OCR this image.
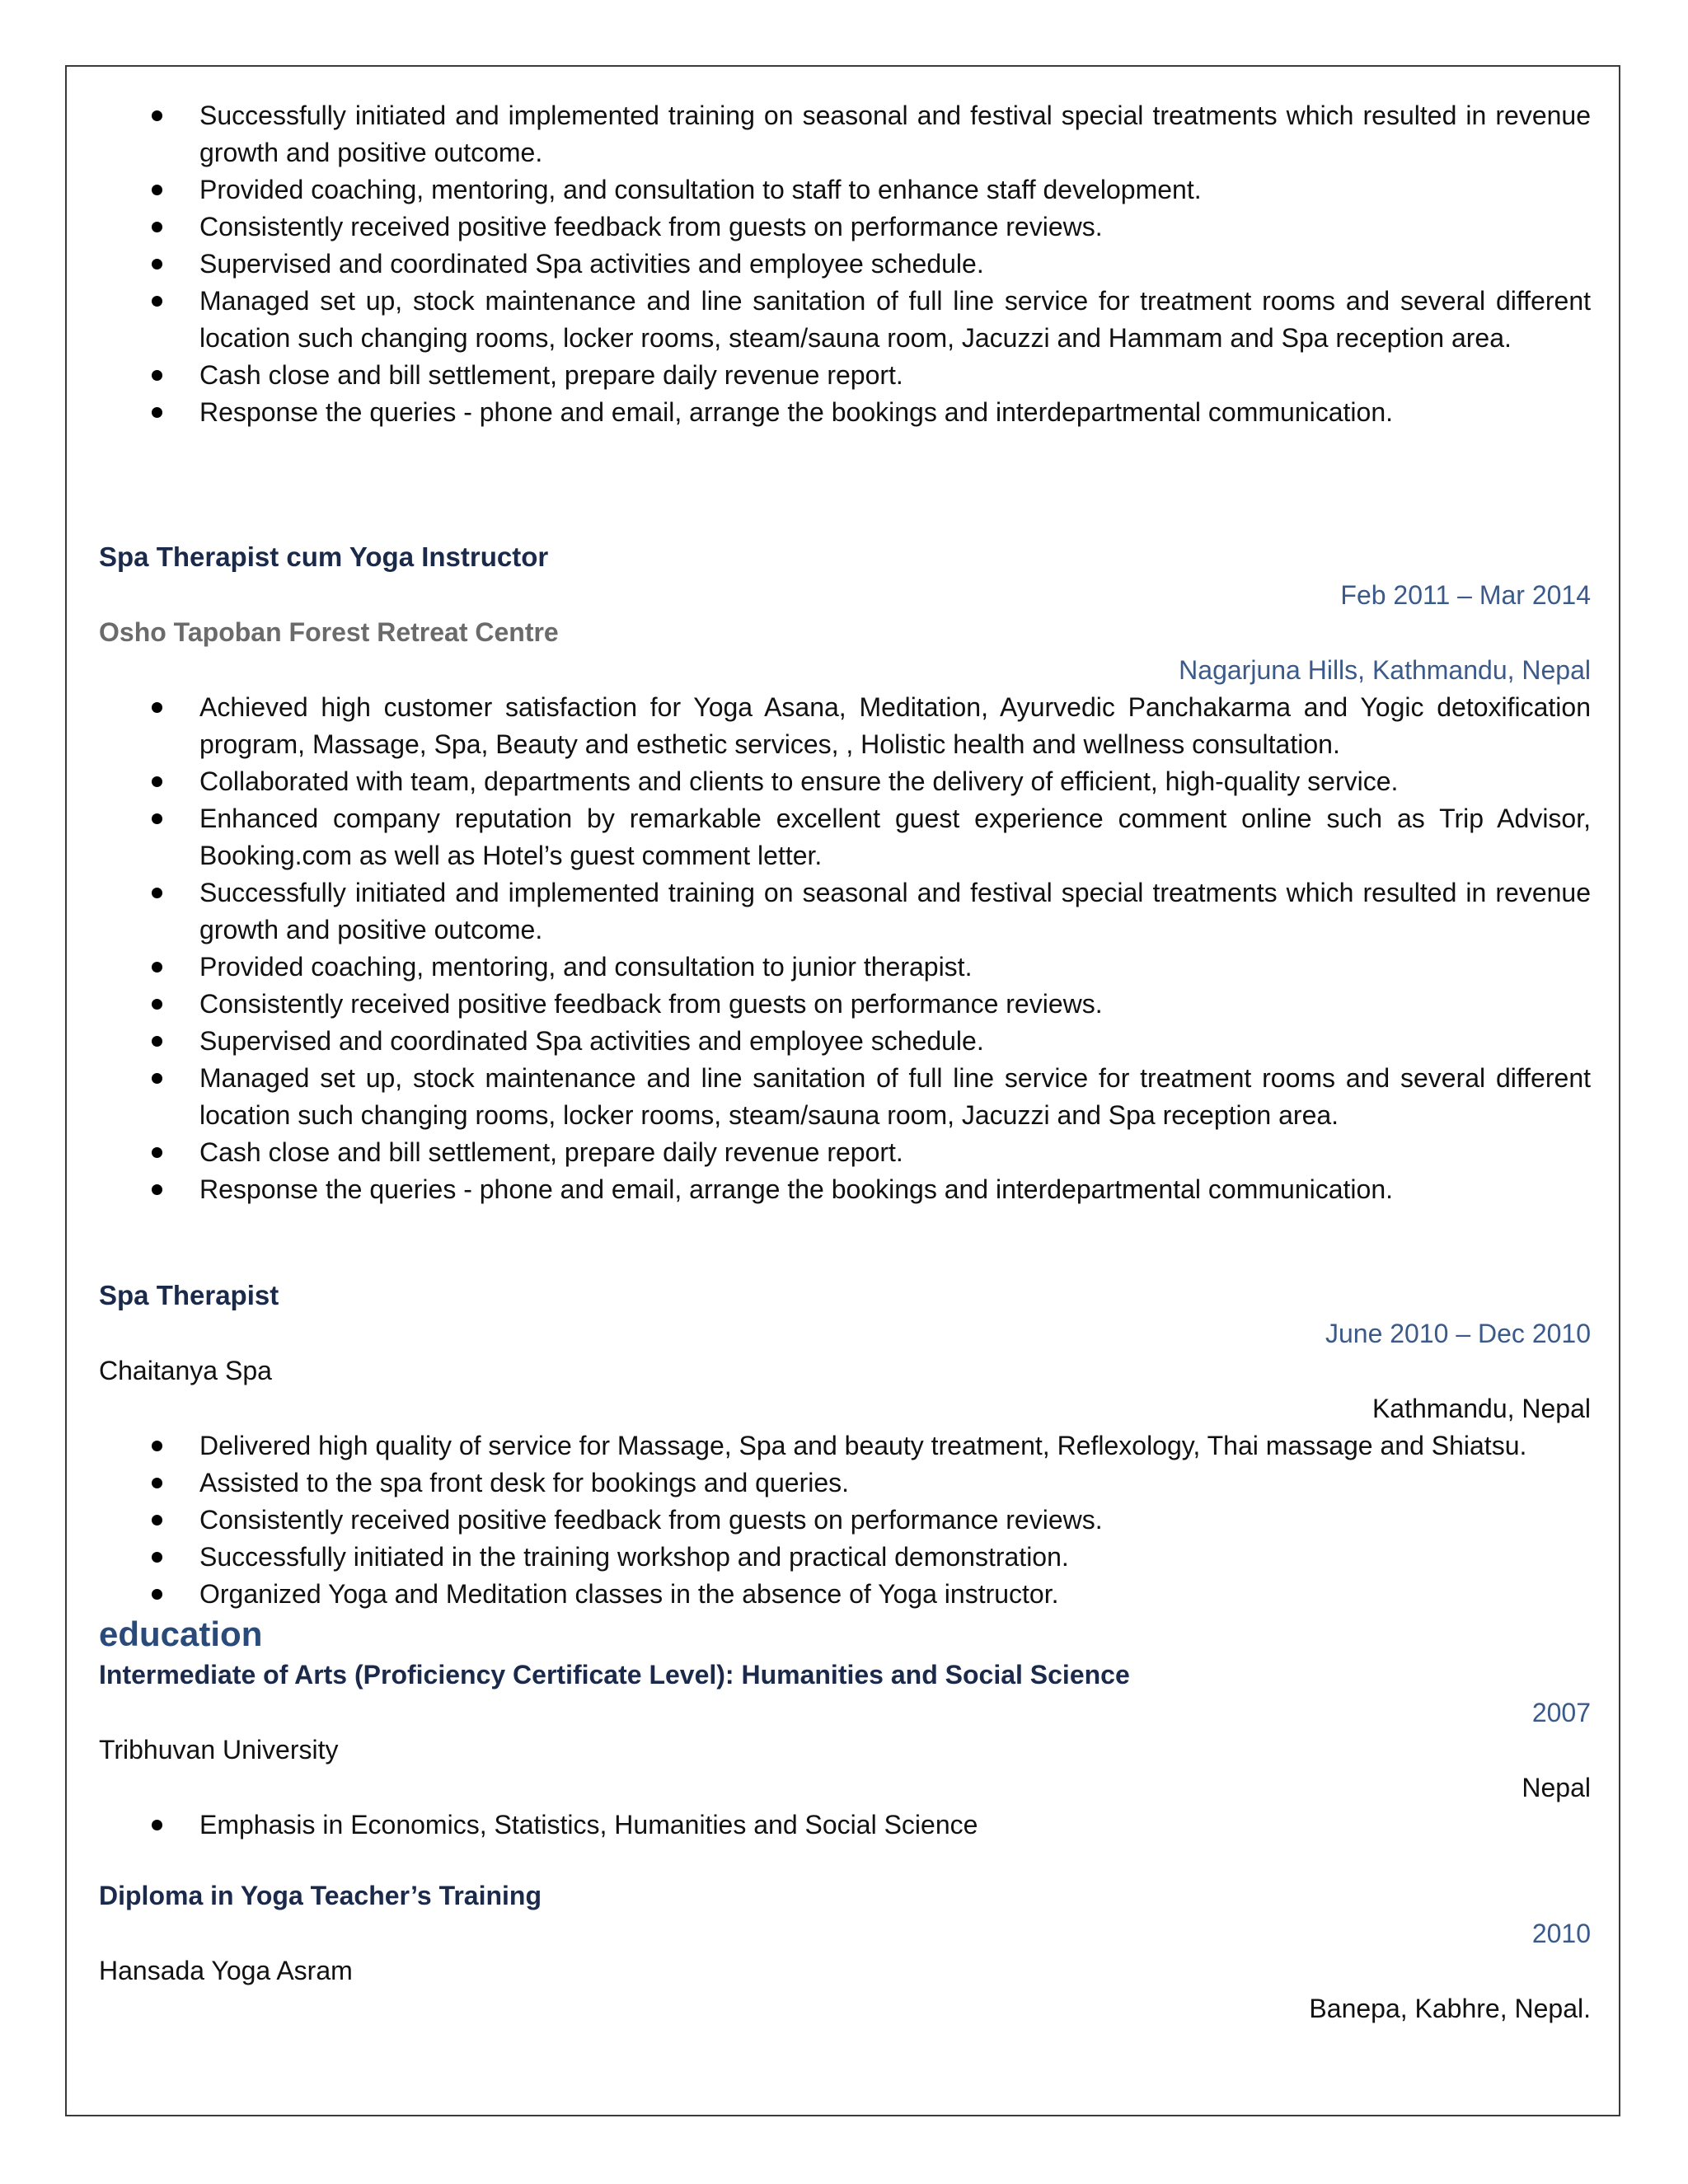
Successfully initiated and implemented training on seasonal and festival special treatments which resulted in revenue growth and positive outcome.
Provided coaching, mentoring, and consultation to staff to enhance staff development.
Consistently received positive feedback from guests on performance reviews.
Supervised and coordinated Spa activities and employee schedule.
Managed set up, stock maintenance and line sanitation of full line service for treatment rooms and several different location such changing rooms, locker rooms, steam/sauna room, Jacuzzi and Hammam and Spa reception area.
Cash close and bill settlement, prepare daily revenue report.
Response the queries - phone and email, arrange the bookings and interdepartmental communication.
Spa Therapist cum Yoga Instructor
Feb 2011 – Mar 2014
Osho Tapoban Forest Retreat Centre
Nagarjuna Hills, Kathmandu, Nepal
Achieved high customer satisfaction for Yoga Asana, Meditation, Ayurvedic Panchakarma and Yogic detoxification program, Massage, Spa, Beauty and esthetic services, , Holistic health and wellness consultation.
Collaborated with team, departments and clients to ensure the delivery of efficient, high-quality service.
Enhanced company reputation by remarkable excellent guest experience comment online such as Trip Advisor, Booking.com as well as Hotel’s guest comment letter.
Successfully initiated and implemented training on seasonal and festival special treatments which resulted in revenue growth and positive outcome.
Provided coaching, mentoring, and consultation to junior therapist.
Consistently received positive feedback from guests on performance reviews.
Supervised and coordinated Spa activities and employee schedule.
Managed set up, stock maintenance and line sanitation of full line service for treatment rooms and several different location such changing rooms, locker rooms, steam/sauna room, Jacuzzi and Spa reception area.
Cash close and bill settlement, prepare daily revenue report.
Response the queries - phone and email, arrange the bookings and interdepartmental communication.
Spa Therapist
June 2010 – Dec 2010
Chaitanya Spa
Kathmandu, Nepal
Delivered high quality of service for Massage, Spa and beauty treatment, Reflexology, Thai massage and Shiatsu.
Assisted to the spa front desk for bookings and queries.
Consistently received positive feedback from guests on performance reviews.
Successfully initiated in the training workshop and practical demonstration.
Organized Yoga and Meditation classes in the absence of Yoga instructor.
education
Intermediate of Arts (Proficiency Certificate Level): Humanities and Social Science
2007
Tribhuvan University
Nepal
Emphasis in Economics, Statistics, Humanities and Social Science
Diploma in Yoga Teacher’s Training
2010
Hansada Yoga Asram
Banepa, Kabhre, Nepal.
